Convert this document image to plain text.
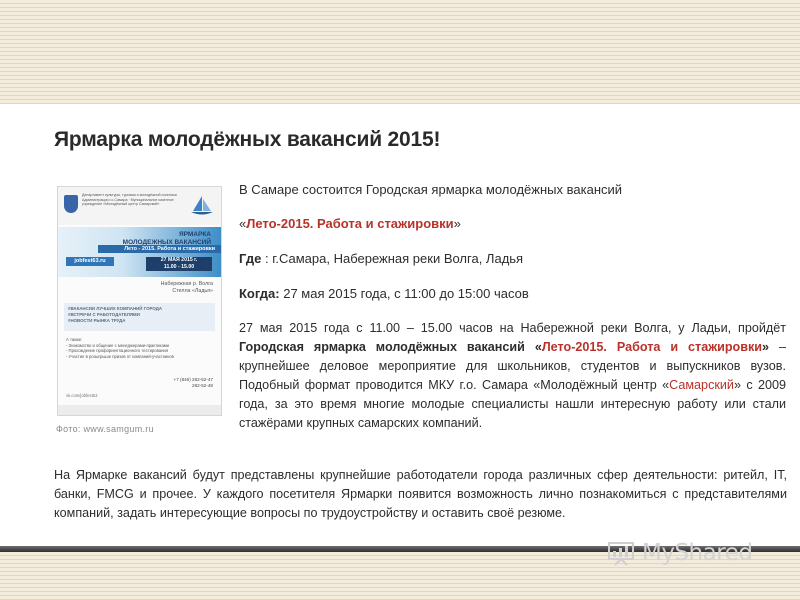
Ярмарка молодёжных вакансий 2015!
Департамент культуры, туризма и молодёжной политики Администрации г.о.Самара · Муниципальное казенное учреждение «Молодёжный центр Самарский»
ЯРМАРКА
МОЛОДЕЖНЫХ ВАКАНСИЙ
Лето - 2015. Работа и стажировки
jobfest63.ru	27 МАЯ 2015 г.
11.00 - 15.00
Набережная р. Волга
Стелла «Ладья»
#ВАКАНСИИ ЛУЧШИХ КОМПАНИЙ ГОРОДА
#ВСТРЕЧИ С РАБОТОДАТЕЛЯМИ
#НОВОСТИ РЫНКА ТРУДА
А также:
- Знакомство и общение с менеджерами-практиками
- Прохождение профориентационного тестирования
- Участие в розыгрыше призов от компаний-участников
+7 (846) 262-52-47
262-52-48
vk.com/jobfest63
Фото: www.samgum.ru

В Самаре состоится Городская ярмарка молодёжных вакансий

«Лето-2015. Работа и стажировки»

Где : г.Самара, Набережная реки Волга, Ладья

Когда: 27 мая 2015 года, с 11:00 до 15:00 часов

27 мая 2015 года с 11.00 – 15.00 часов на Набережной реки Волга, у Ладьи, пройдёт Городская ярмарка молодёжных вакансий «Лето-2015. Работа и стажировки» – крупнейшее деловое мероприятие для школьников, студентов и выпускников вузов. Подобный формат проводится МКУ г.о. Самара «Молодёжный центр «Самарский» с 2009 года, за это время многие молодые специалисты нашли интересную работу или стали стажёрами крупных самарских компаний.

На Ярмарке вакансий будут представлены крупнейшие работодатели города различных сфер деятельности: ритейл, IT, банки, FMCG и прочее. У каждого посетителя Ярмарки появится возможность лично познакомиться с представителями компаний, задать интересующие вопросы по трудоустройству и оставить своё резюме.

MyShared
